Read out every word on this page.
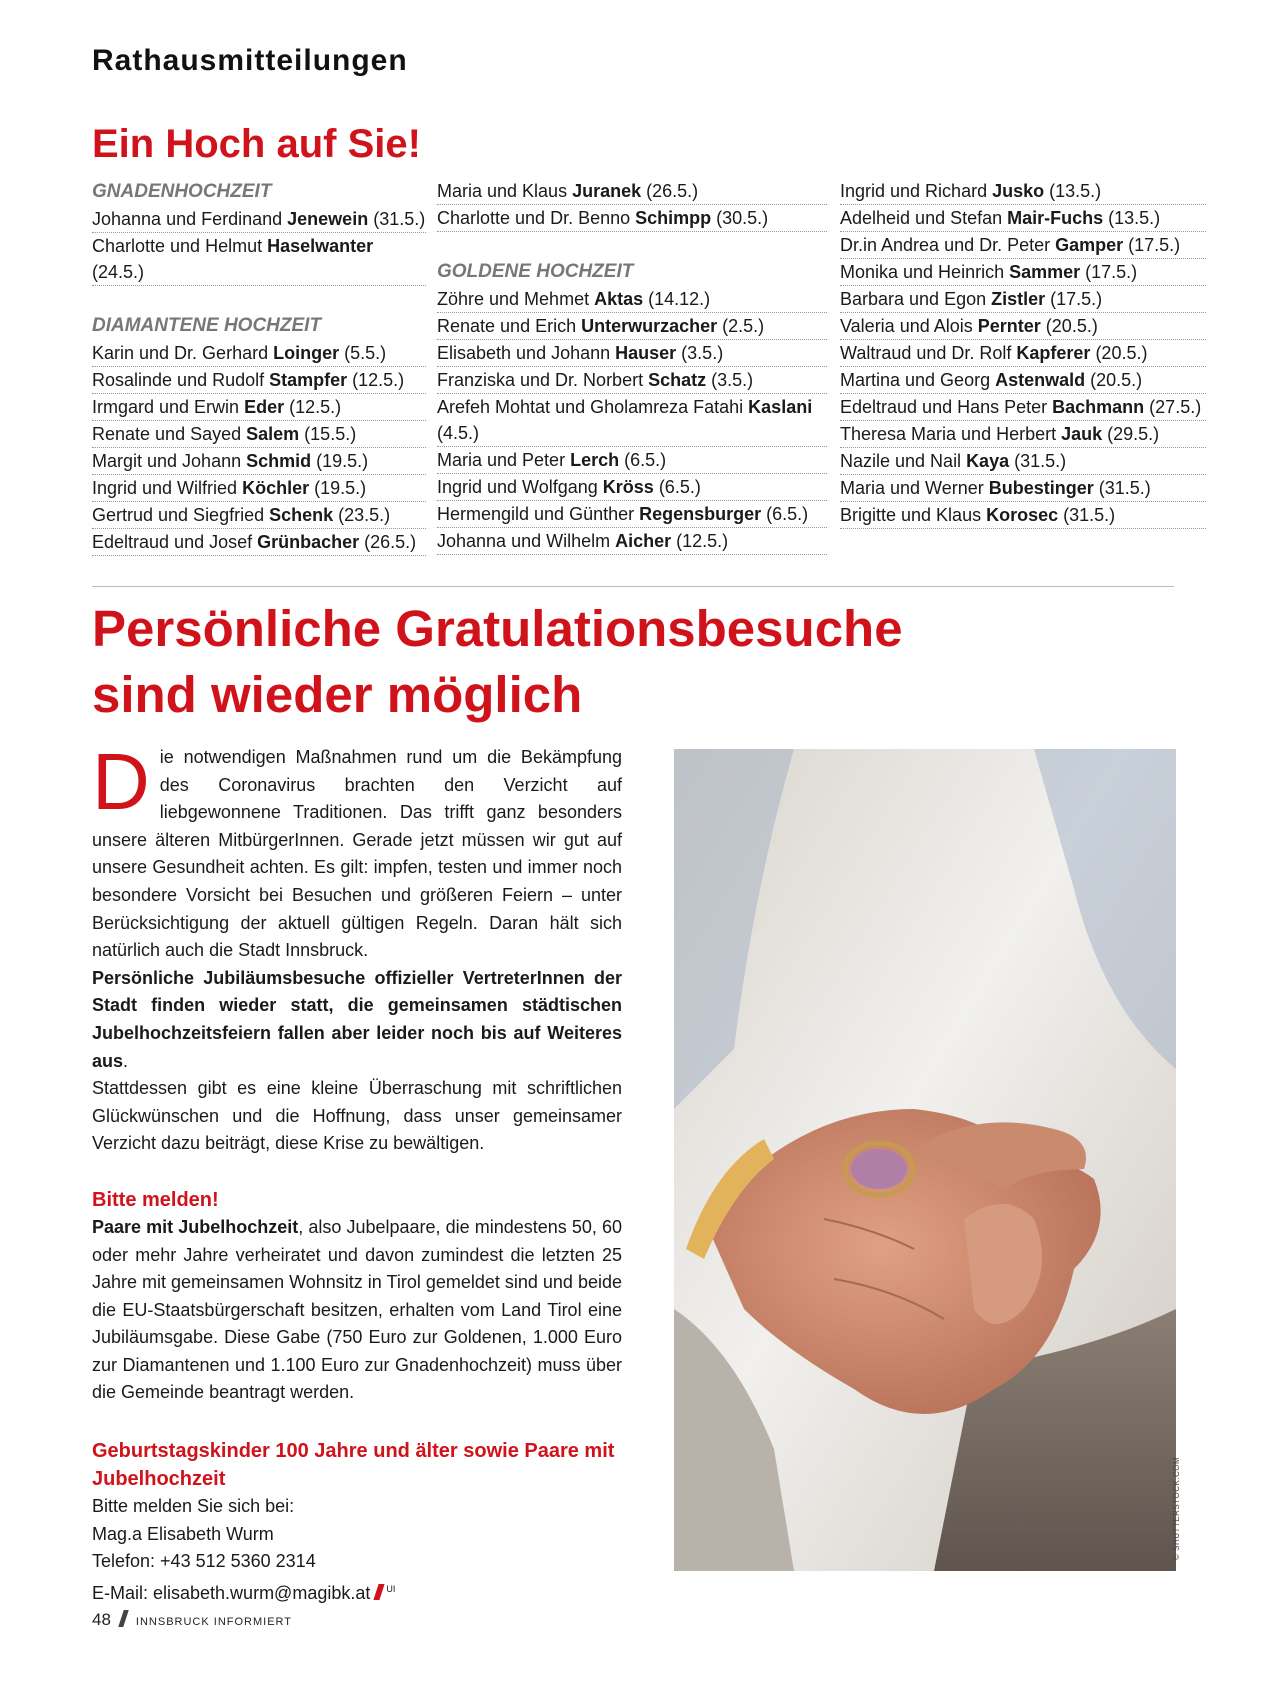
Rathausmitteilungen
Ein Hoch auf Sie!
GNADENHOCHZEIT
Johanna und Ferdinand Jenewein (31.5.)
Charlotte und Helmut Haselwanter (24.5.)
DIAMANTENE HOCHZEIT
Karin und Dr. Gerhard Loinger (5.5.)
Rosalinde und Rudolf Stampfer (12.5.)
Irmgard und Erwin Eder (12.5.)
Renate und Sayed Salem (15.5.)
Margit und Johann Schmid (19.5.)
Ingrid und Wilfried Köchler (19.5.)
Gertrud und Siegfried Schenk (23.5.)
Edeltraud und Josef Grünbacher (26.5.)
Maria und Klaus Juranek (26.5.)
Charlotte und Dr. Benno Schimpp (30.5.)
GOLDENE HOCHZEIT
Zöhre und Mehmet Aktas (14.12.)
Renate und Erich Unterwurzacher (2.5.)
Elisabeth und Johann Hauser (3.5.)
Franziska und Dr. Norbert Schatz (3.5.)
Arefeh Mohtat und Gholamreza Fatahi Kaslani (4.5.)
Maria und Peter Lerch (6.5.)
Ingrid und Wolfgang Kröss (6.5.)
Hermengild und Günther Regensburger (6.5.)
Johanna und Wilhelm Aicher (12.5.)
Ingrid und Richard Jusko (13.5.)
Adelheid und Stefan Mair-Fuchs (13.5.)
Dr.in Andrea und Dr. Peter Gamper (17.5.)
Monika und Heinrich Sammer (17.5.)
Barbara und Egon Zistler (17.5.)
Valeria und Alois Pernter (20.5.)
Waltraud und Dr. Rolf Kapferer (20.5.)
Martina und Georg Astenwald (20.5.)
Edeltraud und Hans Peter Bachmann (27.5.)
Theresa Maria und Herbert Jauk (29.5.)
Nazile und Nail Kaya (31.5.)
Maria und Werner Bubestinger (31.5.)
Brigitte und Klaus Korosec (31.5.)
Persönliche Gratulationsbesuche sind wieder möglich

Die notwendigen Maßnahmen rund um die Bekämpfung des Coronavirus brachten den Verzicht auf liebgewonnene Traditionen. Das trifft ganz besonders unsere älteren MitbürgerInnen. Gerade jetzt müssen wir gut auf unsere Gesundheit achten. Es gilt: impfen, testen und immer noch besondere Vorsicht bei Besuchen und größeren Feiern – unter Berücksichtigung der aktuell gültigen Regeln. Daran hält sich natürlich auch die Stadt Innsbruck.

Persönliche Jubiläumsbesuche offizieller VertreterInnen der Stadt finden wieder statt, die gemeinsamen städtischen Jubelhochzeitsfeiern fallen aber leider noch bis auf Weiteres aus.

Stattdessen gibt es eine kleine Überraschung mit schriftlichen Glückwünschen und die Hoffnung, dass unser gemeinsamer Verzicht dazu beiträgt, diese Krise zu bewältigen.

Bitte melden!

Paare mit Jubelhochzeit, also Jubelpaare, die mindestens 50, 60 oder mehr Jahre verheiratet und davon zumindest die letzten 25 Jahre mit gemeinsamen Wohnsitz in Tirol gemeldet sind und beide die EU-Staatsbürgerschaft besitzen, erhalten vom Land Tirol eine Jubiläumsgabe. Diese Gabe (750 Euro zur Goldenen, 1.000 Euro zur Diamantenen und 1.100 Euro zur Gnadenhochzeit) muss über die Gemeinde beantragt werden.

Geburtstagskinder 100 Jahre und älter sowie Paare mit Jubelhochzeit

Bitte melden Sie sich bei:

Mag.a Elisabeth Wurm

Telefon: +43 512 5360 2314

E-Mail: elisabeth.wurm@magibk.at $^{UI}$

© SHUTTERSTOCK.COM
48 INNSBRUCK INFORMIERT
